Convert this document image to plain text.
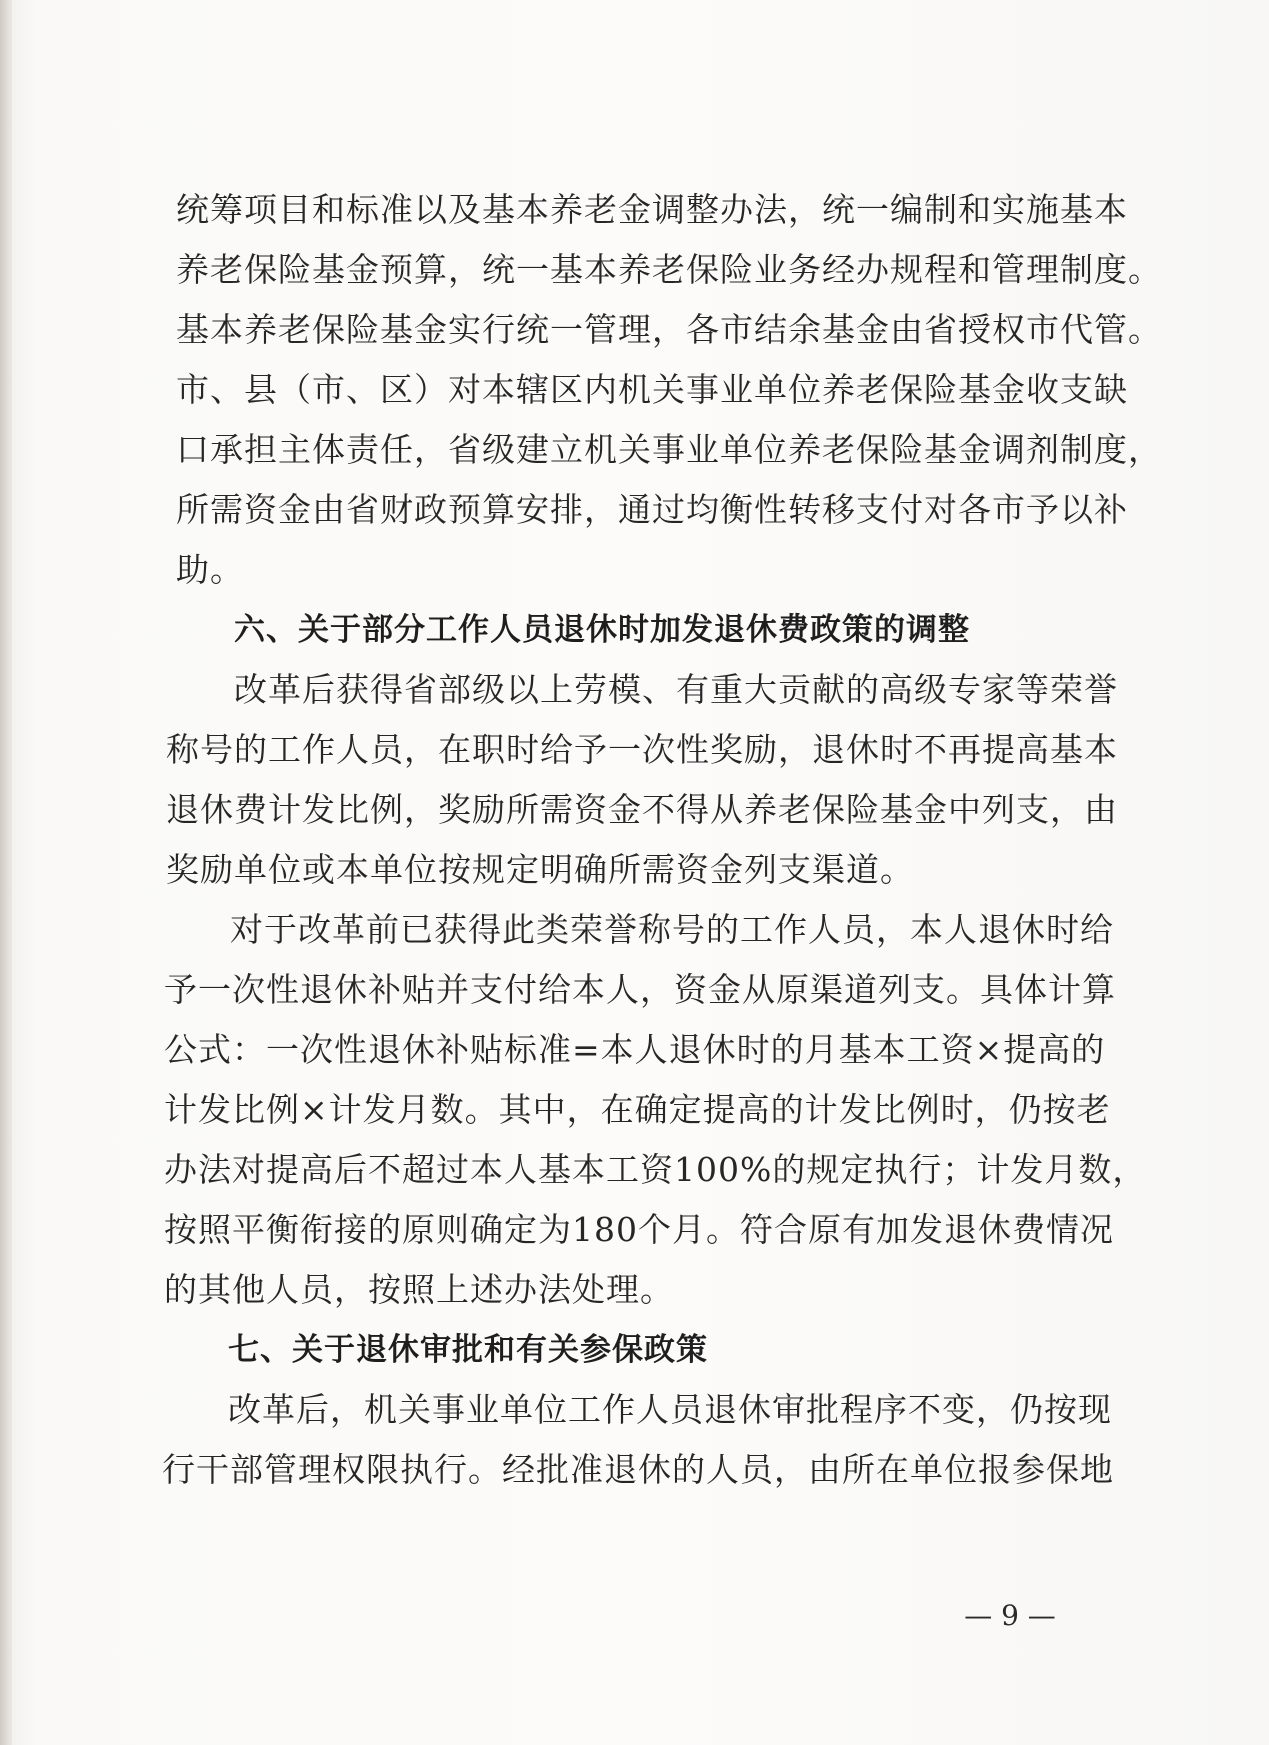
统筹项目和标准以及基本养老金调整办法，统一编制和实施基本
养老保险基金预算，统一基本养老保险业务经办规程和管理制度。
基本养老保险基金实行统一管理，各市结余基金由省授权市代管。
市、县（市、区）对本辖区内机关事业单位养老保险基金收支缺
口承担主体责任，省级建立机关事业单位养老保险基金调剂制度，
所需资金由省财政预算安排，通过均衡性转移支付对各市予以补
助。
六、关于部分工作人员退休时加发退休费政策的调整
改革后获得省部级以上劳模、有重大贡献的高级专家等荣誉
称号的工作人员，在职时给予一次性奖励，退休时不再提高基本
退休费计发比例，奖励所需资金不得从养老保险基金中列支，由
奖励单位或本单位按规定明确所需资金列支渠道。
对于改革前已获得此类荣誉称号的工作人员，本人退休时给
予一次性退休补贴并支付给本人，资金从原渠道列支。具体计算
公式：一次性退休补贴标准=本人退休时的月基本工资×提高的
计发比例×计发月数。其中，在确定提高的计发比例时，仍按老
办法对提高后不超过本人基本工资100%的规定执行；计发月数，
按照平衡衔接的原则确定为180个月。符合原有加发退休费情况
的其他人员，按照上述办法处理。
七、关于退休审批和有关参保政策
改革后，机关事业单位工作人员退休审批程序不变，仍按现
行干部管理权限执行。经批准退休的人员，由所在单位报参保地
— 9 —
